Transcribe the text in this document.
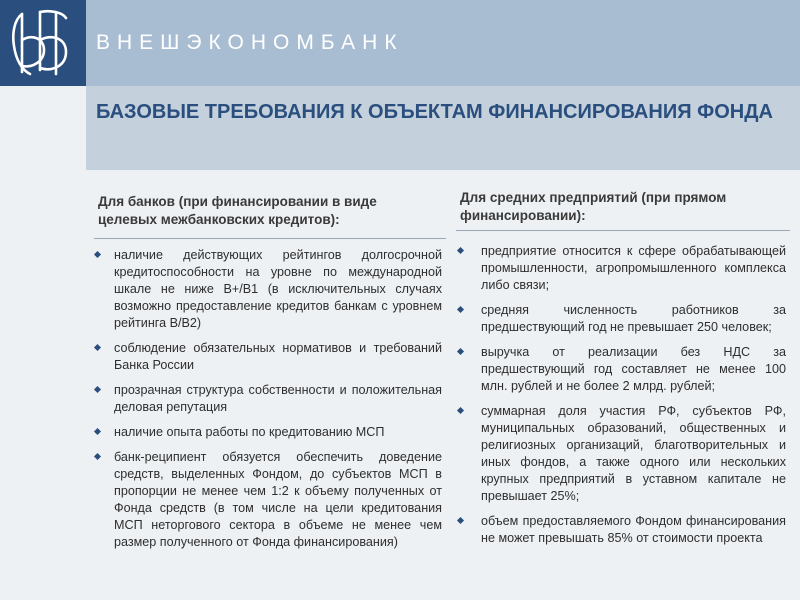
ВНЕШЭКОНОМБАНК
БАЗОВЫЕ ТРЕБОВАНИЯ К ОБЪЕКТАМ ФИНАНСИРОВАНИЯ ФОНДА
Для банков (при финансировании в виде целевых межбанковских кредитов):
наличие действующих рейтингов долгосрочной кредитоспособности на уровне по международной шкале не ниже В+/В1 (в исключительных случаях возможно предоставление кредитов банкам с уровнем рейтинга В/В2)
соблюдение обязательных нормативов и требований Банка России
прозрачная структура собственности и положительная деловая репутация
наличие опыта работы по кредитованию МСП
банк-реципиент обязуется обеспечить доведение средств, выделенных Фондом, до субъектов МСП в пропорции не менее чем 1:2 к объему полученных от Фонда средств (в том числе на цели кредитования МСП неторгового сектора в объеме не менее чем размер полученного от Фонда финансирования)
Для средних предприятий (при прямом финансировании):
предприятие относится к сфере обрабатывающей промышленности, агропромышленного комплекса либо связи;
средняя численность работников за предшествующий год не превышает 250 человек;
выручка от реализации без НДС за предшествующий год составляет не менее 100 млн. рублей и не более 2 млрд. рублей;
суммарная доля участия РФ, субъектов РФ, муниципальных образований, общественных и религиозных организаций, благотворительных и иных фондов, а также одного или нескольких крупных предприятий в уставном капитале не превышает 25%;
объем предоставляемого Фондом финансирования не может превышать 85% от стоимости проекта
